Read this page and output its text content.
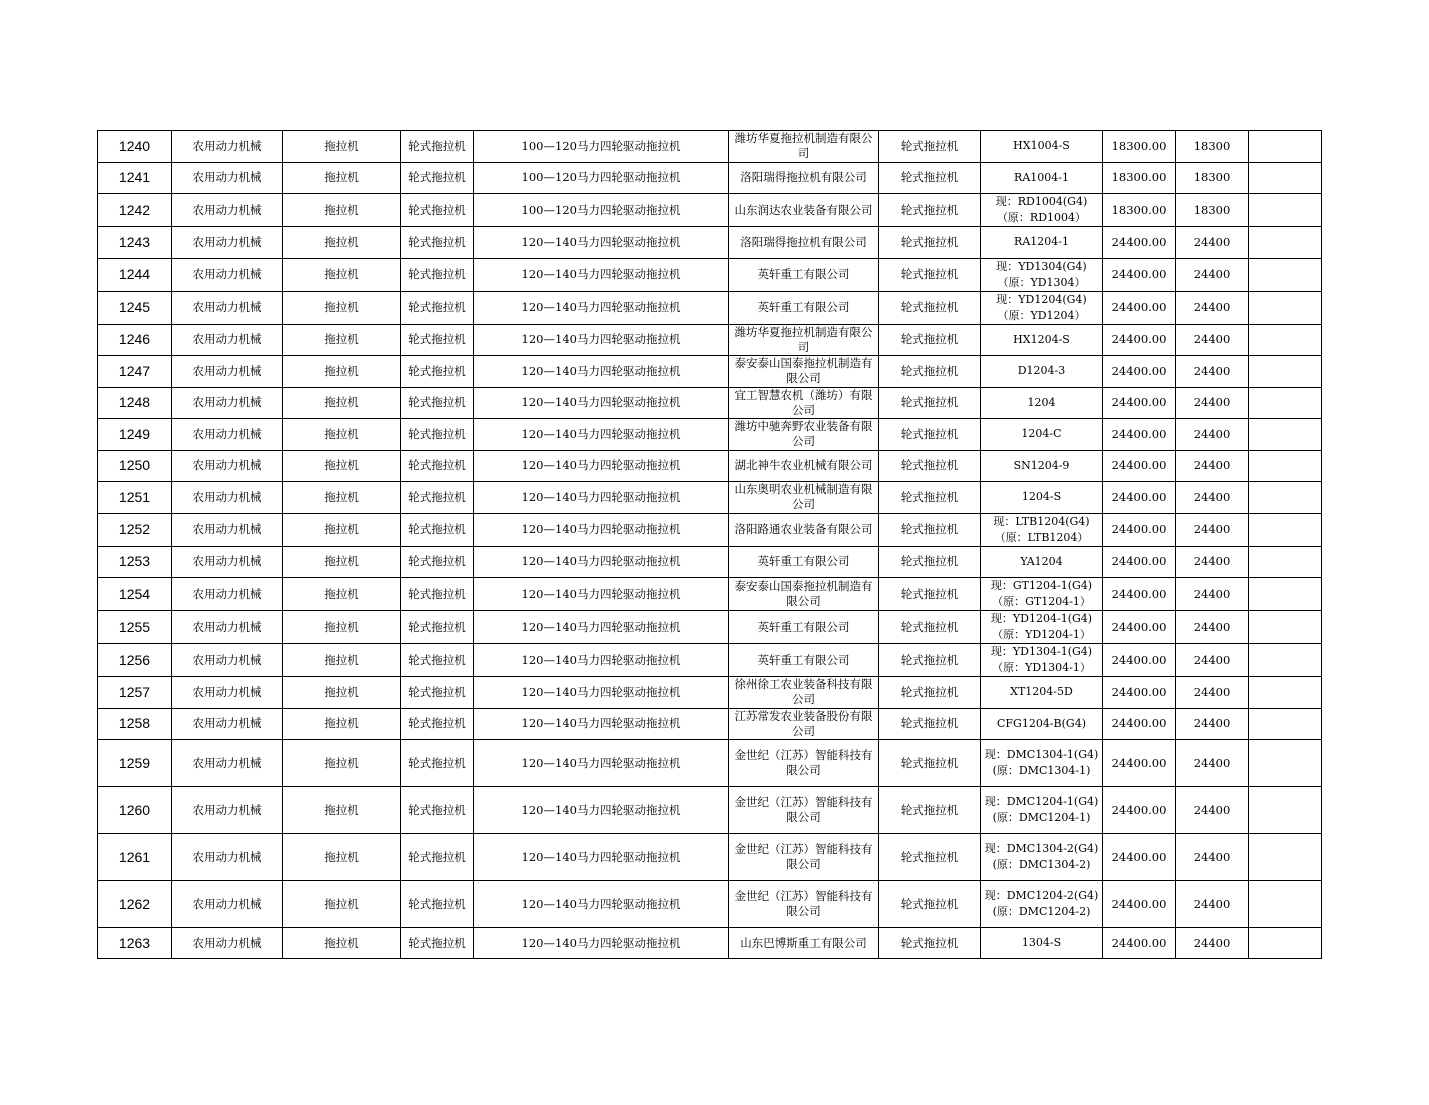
1240	农用动力机械	拖拉机	轮式拖拉机	100—120马力四轮驱动拖拉机	潍坊华夏拖拉机制造有限公司	轮式拖拉机	HX1004-S	18300.00	18300	
1241	农用动力机械	拖拉机	轮式拖拉机	100—120马力四轮驱动拖拉机	洛阳瑞得拖拉机有限公司	轮式拖拉机	RA1004-1	18300.00	18300	
1242	农用动力机械	拖拉机	轮式拖拉机	100—120马力四轮驱动拖拉机	山东润达农业装备有限公司	轮式拖拉机	现：RD1004(G4)（原：RD1004）	18300.00	18300	
1243	农用动力机械	拖拉机	轮式拖拉机	120—140马力四轮驱动拖拉机	洛阳瑞得拖拉机有限公司	轮式拖拉机	RA1204-1	24400.00	24400	
1244	农用动力机械	拖拉机	轮式拖拉机	120—140马力四轮驱动拖拉机	英轩重工有限公司	轮式拖拉机	现：YD1304(G4)（原：YD1304）	24400.00	24400	
1245	农用动力机械	拖拉机	轮式拖拉机	120—140马力四轮驱动拖拉机	英轩重工有限公司	轮式拖拉机	现：YD1204(G4)（原：YD1204）	24400.00	24400	
1246	农用动力机械	拖拉机	轮式拖拉机	120—140马力四轮驱动拖拉机	潍坊华夏拖拉机制造有限公司	轮式拖拉机	HX1204-S	24400.00	24400	
1247	农用动力机械	拖拉机	轮式拖拉机	120—140马力四轮驱动拖拉机	泰安泰山国泰拖拉机制造有限公司	轮式拖拉机	D1204-3	24400.00	24400	
1248	农用动力机械	拖拉机	轮式拖拉机	120—140马力四轮驱动拖拉机	宜工智慧农机（潍坊）有限公司	轮式拖拉机	1204	24400.00	24400	
1249	农用动力机械	拖拉机	轮式拖拉机	120—140马力四轮驱动拖拉机	潍坊中驰奔野农业装备有限公司	轮式拖拉机	1204-C	24400.00	24400	
1250	农用动力机械	拖拉机	轮式拖拉机	120—140马力四轮驱动拖拉机	湖北神牛农业机械有限公司	轮式拖拉机	SN1204-9	24400.00	24400	
1251	农用动力机械	拖拉机	轮式拖拉机	120—140马力四轮驱动拖拉机	山东奥明农业机械制造有限公司	轮式拖拉机	1204-S	24400.00	24400	
1252	农用动力机械	拖拉机	轮式拖拉机	120—140马力四轮驱动拖拉机	洛阳路通农业装备有限公司	轮式拖拉机	现：LTB1204(G4)（原：LTB1204）	24400.00	24400	
1253	农用动力机械	拖拉机	轮式拖拉机	120—140马力四轮驱动拖拉机	英轩重工有限公司	轮式拖拉机	YA1204	24400.00	24400	
1254	农用动力机械	拖拉机	轮式拖拉机	120—140马力四轮驱动拖拉机	泰安泰山国泰拖拉机制造有限公司	轮式拖拉机	现：GT1204-1(G4)（原：GT1204-1）	24400.00	24400	
1255	农用动力机械	拖拉机	轮式拖拉机	120—140马力四轮驱动拖拉机	英轩重工有限公司	轮式拖拉机	现：YD1204-1(G4)（原：YD1204-1）	24400.00	24400	
1256	农用动力机械	拖拉机	轮式拖拉机	120—140马力四轮驱动拖拉机	英轩重工有限公司	轮式拖拉机	现：YD1304-1(G4)（原：YD1304-1）	24400.00	24400	
1257	农用动力机械	拖拉机	轮式拖拉机	120—140马力四轮驱动拖拉机	徐州徐工农业装备科技有限公司	轮式拖拉机	XT1204-5D	24400.00	24400	
1258	农用动力机械	拖拉机	轮式拖拉机	120—140马力四轮驱动拖拉机	江苏常发农业装备股份有限公司	轮式拖拉机	CFG1204-B(G4)	24400.00	24400	
1259	农用动力机械	拖拉机	轮式拖拉机	120—140马力四轮驱动拖拉机	金世纪（江苏）智能科技有限公司	轮式拖拉机	现：DMC1304-1(G4)(原：DMC1304-1)	24400.00	24400	
1260	农用动力机械	拖拉机	轮式拖拉机	120—140马力四轮驱动拖拉机	金世纪（江苏）智能科技有限公司	轮式拖拉机	现：DMC1204-1(G4)(原：DMC1204-1)	24400.00	24400	
1261	农用动力机械	拖拉机	轮式拖拉机	120—140马力四轮驱动拖拉机	金世纪（江苏）智能科技有限公司	轮式拖拉机	现：DMC1304-2(G4)(原：DMC1304-2)	24400.00	24400	
1262	农用动力机械	拖拉机	轮式拖拉机	120—140马力四轮驱动拖拉机	金世纪（江苏）智能科技有限公司	轮式拖拉机	现：DMC1204-2(G4)(原：DMC1204-2)	24400.00	24400	
1263	农用动力机械	拖拉机	轮式拖拉机	120—140马力四轮驱动拖拉机	山东巴博斯重工有限公司	轮式拖拉机	1304-S	24400.00	24400	
